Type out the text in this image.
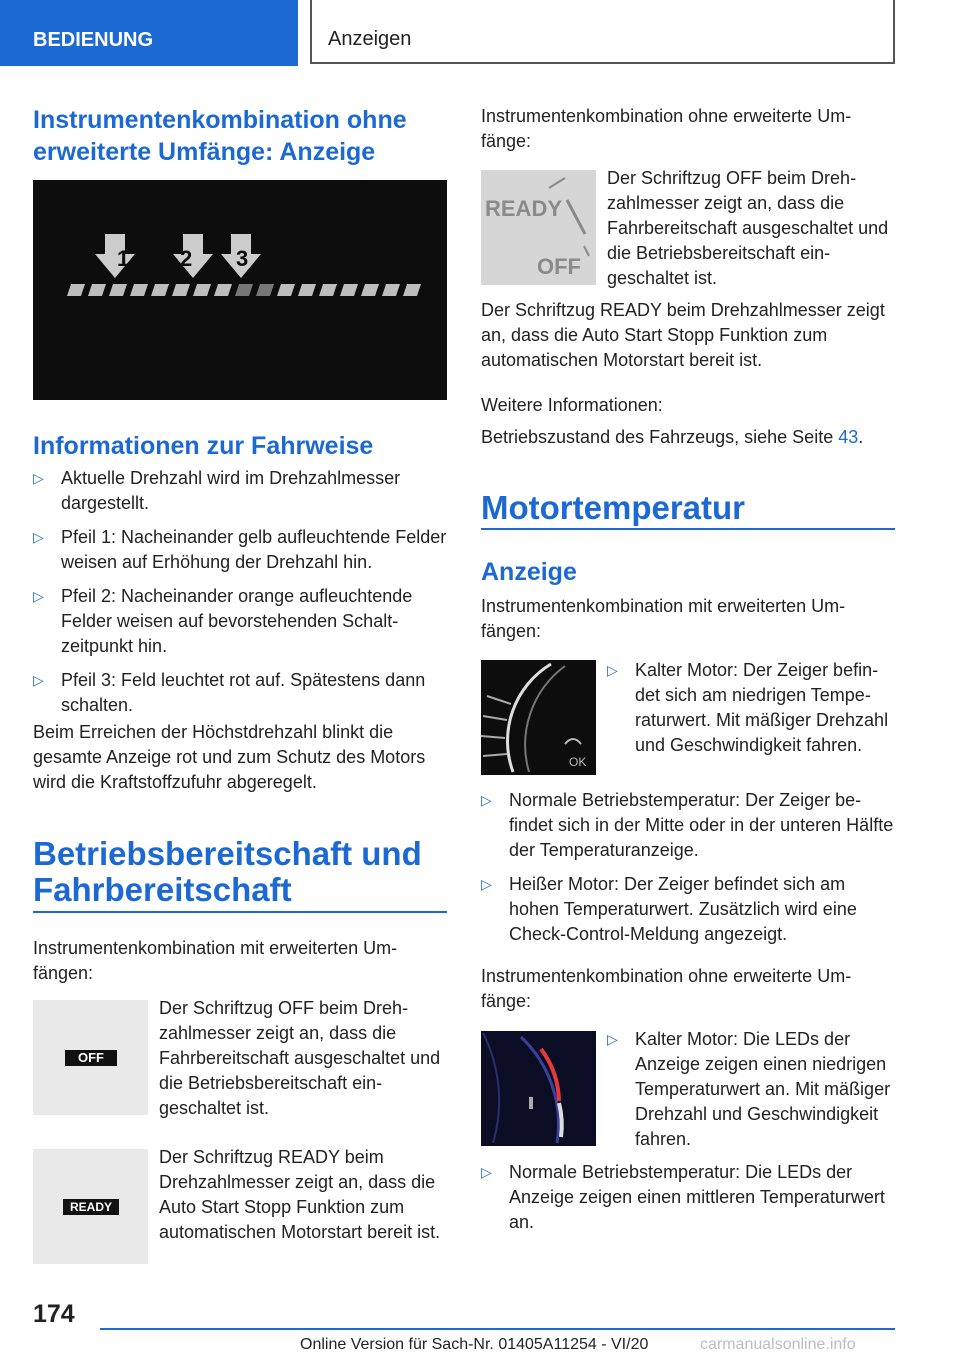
BEDIENUNG	Anzeigen
Instrumentenkombination ohne erweiterte Umfänge: Anzeige
1 2 3
Informationen zur Fahrweise
▷ Aktuelle Drehzahl wird im Drehzahlmesser dargestellt.
▷ Pfeil 1: Nacheinander gelb aufleuchtende Felder weisen auf Erhöhung der Drehzahl hin.
▷ Pfeil 2: Nacheinander orange aufleuchtende Felder weisen auf bevorstehenden Schaltzeitpunkt hin.
▷ Pfeil 3: Feld leuchtet rot auf. Spätestens dann schalten.

Beim Erreichen der Höchstdrehzahl blinkt die gesamte Anzeige rot und zum Schutz des Motors wird die Kraftstoffzufuhr abgeregelt.

Betriebsbereitschaft und Fahrbereitschaft

Instrumentenkombination mit erweiterten Umfängen:

OFF

Der Schriftzug OFF beim Drehzahlmesser zeigt an, dass die Fahrbereitschaft ausgeschaltet und die Betriebsbereitschaft eingeschaltet ist.

READY

Der Schriftzug READY beim Drehzahlmesser zeigt an, dass die Auto Start Stopp Funktion zum automatischen Motorstart bereit ist.

Instrumentenkombination ohne erweiterte Umfänge:

READY
OFF

Der Schriftzug OFF beim Drehzahlmesser zeigt an, dass die Fahrbereitschaft ausgeschaltet und die Betriebsbereitschaft eingeschaltet ist.

Der Schriftzug READY beim Drehzahlmesser zeigt an, dass die Auto Start Stopp Funktion zum automatischen Motorstart bereit ist.

Weitere Informationen:

Betriebszustand des Fahrzeugs, siehe Seite 43.

Motortemperatur
Anzeige

Instrumentenkombination mit erweiterten Umfängen:

OK
▷ Kalter Motor: Der Zeiger befindet sich am niedrigen Temperaturwert. Mit mäßiger Drehzahl und Geschwindigkeit fahren.
▷ Normale Betriebstemperatur: Der Zeiger befindet sich in der Mitte oder in der unteren Hälfte der Temperaturanzeige.
▷ Heißer Motor: Der Zeiger befindet sich am hohen Temperaturwert. Zusätzlich wird eine Check-Control-Meldung angezeigt.

Instrumentenkombination ohne erweiterte Umfänge:

▷ Kalter Motor: Die LEDs der Anzeige zeigen einen niedrigen Temperaturwert an. Mit mäßiger Drehzahl und Geschwindigkeit fahren.
▷ Normale Betriebstemperatur: Die LEDs der Anzeige zeigen einen mittleren Temperaturwert an.
174
Online Version für Sach-Nr. 01405A11254 - VI/20	carmanualsonline.info
